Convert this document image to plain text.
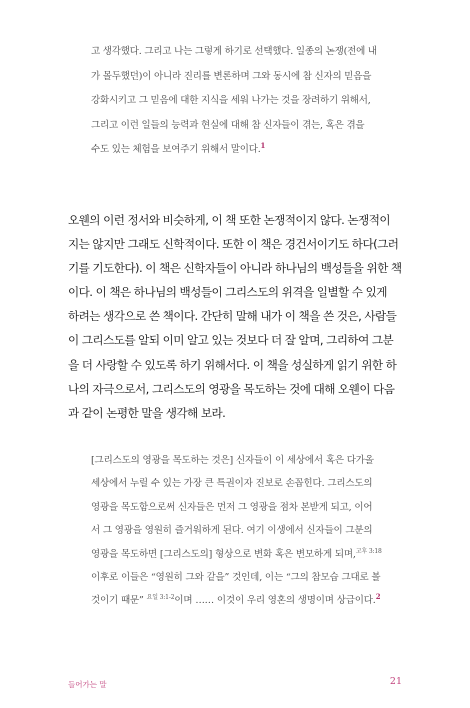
고 생각했다. 그리고 나는 그렇게 하기로 선택했다. 일종의 논쟁(전에 내
가 몰두했던)이 아니라 진리를 변론하며 그와 동시에 참 신자의 믿음을
강화시키고 그 믿음에 대한 지식을 세워 나가는 것을 장려하기 위해서,
그리고 이런 일들의 능력과 현실에 대해 참 신자들이 겪는, 혹은 겪을
수도 있는 체험을 보여주기 위해서 말이다.$^1$
오웬의 이런 정서와 비슷하게, 이 책 또한 논쟁적이지 않다. 논쟁적이
지는 않지만 그래도 신학적이다. 또한 이 책은 경건서이기도 하다(그러
기를 기도한다). 이 책은 신학자들이 아니라 하나님의 백성들을 위한 책
이다. 이 책은 하나님의 백성들이 그리스도의 위격을 일별할 수 있게
하려는 생각으로 쓴 책이다. 간단히 말해 내가 이 책을 쓴 것은, 사람들
이 그리스도를 알되 이미 알고 있는 것보다 더 잘 알며, 그리하여 그분
을 더 사랑할 수 있도록 하기 위해서다. 이 책을 성실하게 읽기 위한 하
나의 자극으로서, 그리스도의 영광을 목도하는 것에 대해 오웬이 다음
과 같이 논평한 말을 생각해 보라.
[그리스도의 영광을 목도하는 것은] 신자들이 이 세상에서 혹은 다가올
세상에서 누릴 수 있는 가장 큰 특권이자 진보로 손꼽힌다. 그리스도의
영광을 목도함으로써 신자들은 먼저 그 영광을 점차 본받게 되고, 이어
서 그 영광을 영원히 즐거워하게 된다. 여기 이생에서 신자들이 그분의
영광을 목도하면 [그리스도의] 형상으로 변화 혹은 변모하게 되며,$^{고후 3:18}$
이후로 이들은 “영원히 그와 같을” 것인데, 이는 “그의 참모습 그대로 볼
것이기 때문” $^{요일 3:1-2}$이며 …… 이것이 우리 영혼의 생명이며 상급이다.$^2$
들어가는 말	21
